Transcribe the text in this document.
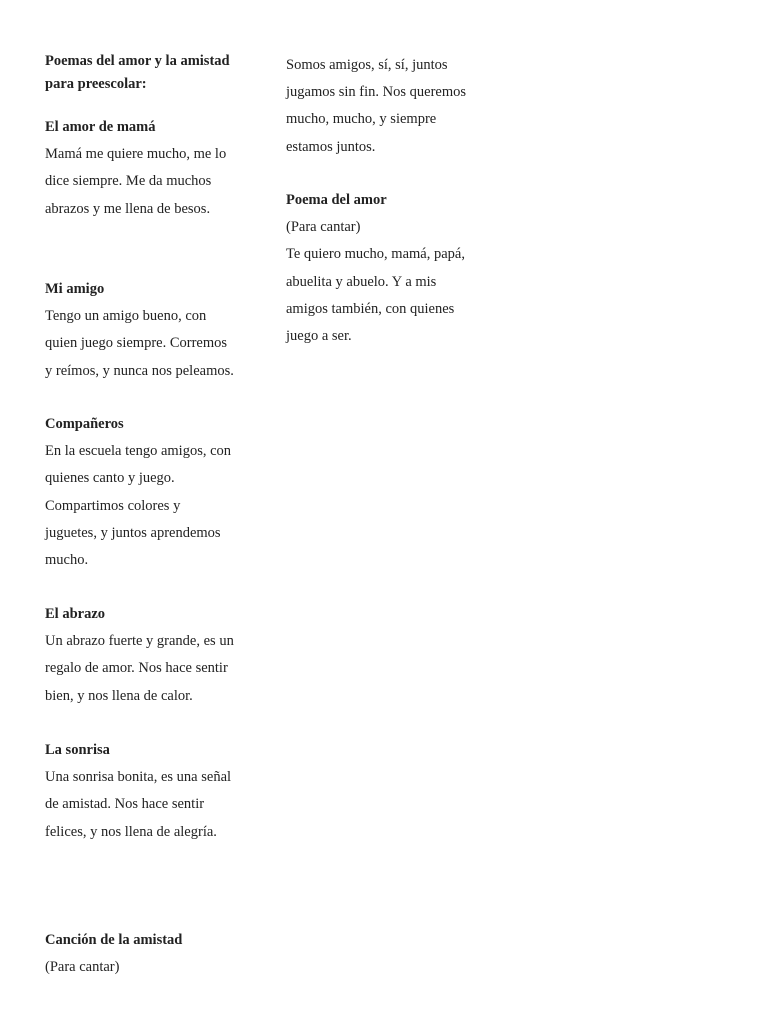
Poemas del amor y la amistad
para preescolar:
El amor de mamá
Mamá me quiere mucho, me lo
dice siempre. Me da muchos
abrazos y me llena de besos.
Mi amigo
Tengo un amigo bueno, con
quien juego siempre. Corremos
y reímos, y nunca nos peleamos.
Compañeros
En la escuela tengo amigos, con
quienes canto y juego.
Compartimos colores y
juguetes, y juntos aprendemos
mucho.
El abrazo
Un abrazo fuerte y grande, es un
regalo de amor. Nos hace sentir
bien, y nos llena de calor.
La sonrisa
Una sonrisa bonita, es una señal
de amistad. Nos hace sentir
felices, y nos llena de alegría.
Canción de la amistad
(Para cantar)
Somos amigos, sí, sí, juntos
jugamos sin fin. Nos queremos
mucho, mucho, y siempre
estamos juntos.
Poema del amor
(Para cantar)
Te quiero mucho, mamá, papá,
abuelita y abuelo. Y a mis
amigos también, con quienes
juego a ser.
